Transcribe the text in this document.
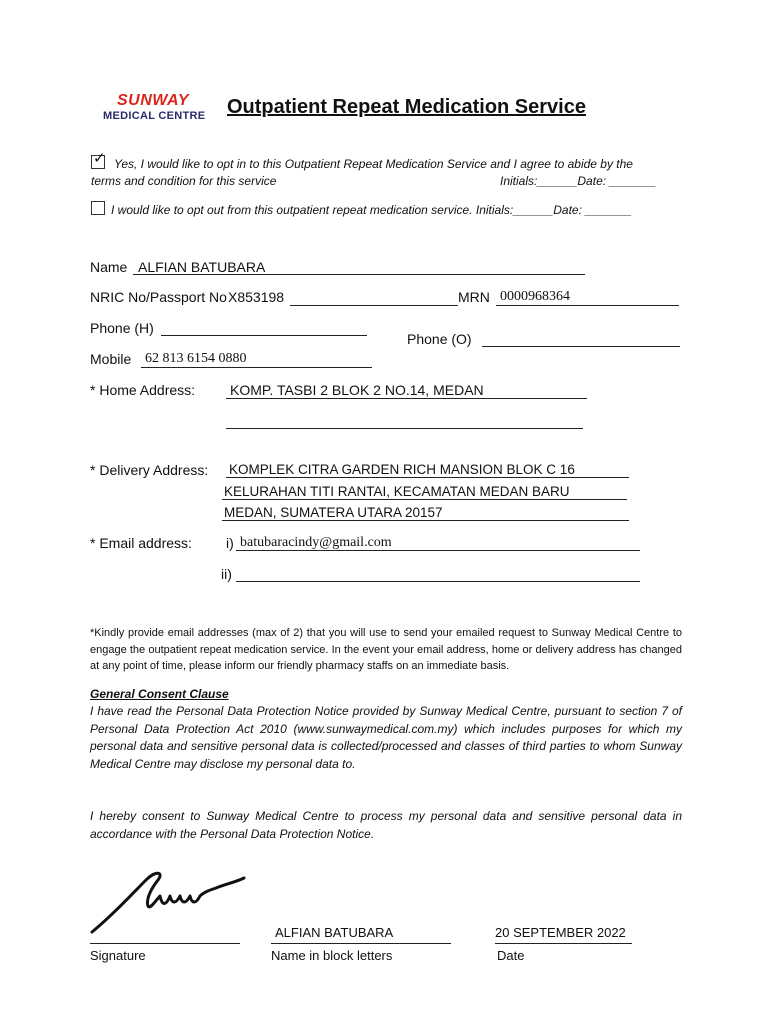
SUNWAY
MEDICAL CENTRE Outpatient Repeat Medication Service
✓ Yes, I would like to opt in to this Outpatient Repeat Medication Service and I agree to abide by the
terms and condition for this service	Initials:______Date: _______
I would like to opt out from this outpatient repeat medication service. Initials:______Date: _______
Name ALFIAN BATUBARA
NRIC No/Passport No X853198	MRN 0000968364
Phone (H)
Phone (O)
Mobile 62 813 6154 0880
* Home Address: KOMP. TASBI 2 BLOK 2 NO.14, MEDAN
* Delivery Address: KOMPLEK CITRA GARDEN RICH MANSION BLOK C 16
KELURAHAN TITI RANTAI, KECAMATAN MEDAN BARU
MEDAN, SUMATERA UTARA 20157
* Email address: i) batubaracindy@gmail.com
ii)
*Kindly provide email addresses (max of 2) that you will use to send your emailed request to Sunway Medical Centre to engage the outpatient repeat medication service. In the event your email address, home or delivery address has changed at any point of time, please inform our friendly pharmacy staffs on an immediate basis.
General Consent Clause
I have read the Personal Data Protection Notice provided by Sunway Medical Centre, pursuant to section 7 of Personal Data Protection Act 2010 (www.sunwaymedical.com.my) which includes purposes for which my personal data and sensitive personal data is collected/processed and classes of third parties to whom Sunway Medical Centre may disclose my personal data to.
I hereby consent to Sunway Medical Centre to process my personal data and sensitive personal data in accordance with the Personal Data Protection Notice.
Signature
ALFIAN BATUBARA
Name in block letters
20 SEPTEMBER 2022
Date
